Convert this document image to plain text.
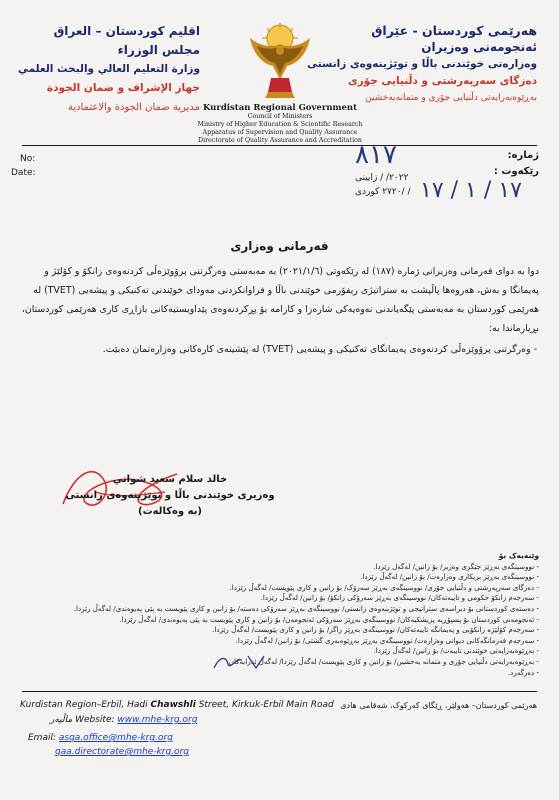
هەرێمی کوردستان - عێراق
ئەنجومەنی وەزیران
وەزارەتی خوێندنی باڵا و توێژینەوەی زانستی
دەزگای سەرپەرشتی و دڵنیایی جۆری
بەڕێوەبەرایەتی دڵنیایی جۆری و متمانەبەخشین
اقليم كوردستان – العراق
مجلس الوزراء
وزارة التعليم العالي والبحث العلمي
جهاز الإشراف و ضمان الجودة
مديرية ضمان الجودة والاعتمادية Kurdistan Regional Government
Council of Ministers
Ministry of Higher Education & Scientific Research
Apparatus of Supervision and Quality Assurance
Directorate of Quality Assurance and Accreditation
No:
Date:
ژمارە:
رێکەوت :
٢٠٢٢/ / زایینی
/ /٢٧٢٠ كوردی
٨١٧
١٧ / ١ / ١٧
فەرمانی وەزاری
دوا بە دوای فەرمانی وەزیرانی ژمارە (١٨٧) لە رێکەوتی (٢٠٢١/١/٦) بە مەبەستی وەرگرتنی پرۆوێزەڵی کردنەوەی زانکۆ و کۆلێژ و پەیمانگا و بەش، هەروەها پاڵپشت بە ستراتیژی ریفۆرمی خوێندنی باڵا و فراوانکردنی مەودای خوێندنی تەکنیکی و پیشەیی (TVET) لە هەرێمی کوردستان بە مەبەستی پێگەیاندنی نەوەیەکی شارەزا و کارامە بۆ پڕکردنەوەی پێداویستیەکانی بازاڕی کاری هەرێمی کوردستان، بڕیارماندا بە:
- وەرگرتنی پرۆوێزەڵی کردنەوەی پەیمانگای تەکنیکی و پیشەیی (TVET) لە پێشینەی کارەکانی وەزارەتمان دەبێت.
خالد سلام سعيد شواني
وەزیری خوێندنی باڵا و توێژینەوەی زانستی
(بە وەکالەت)
وێنەیەک بۆ
- نووسینگەی بەڕێز جێگری وەزیر/ بۆ زانین/ لەگەل رێزدا.
- نووسینگەی بەڕێز بریکاری وەزارەت/ بۆ زانین/ لەگەڵ رێزدا.
- دەزگای سەرپەرشتی و دڵنیایی جۆری/ نووسینگەی بەڕێز سەرۆک/ بۆ زانین و کاری پێویست/ لەگەڵ رێزدا.
- سەرجەم زانکۆ حکومی و تایبەتەکان/ نووسینگەی بەڕێز سەرۆکی زانکۆ/ بۆ زانین/ لەگەڵ رێزدا.
- دەستەی کوردستانی بۆ دیراسەی ستراتیجی و توێژینەوەی زانستی/ نووسینگەی بەڕێز سەرۆکی دەستە/ بۆ زانین و کاری پێویست بە پێی پەیوەندی/ لەگەڵ رێزدا.
- ئەنجومەنی کوردستان بۆ پسپۆڕیە پزیشکیەکان/ نووسینگەی بەڕێز سەرۆکی ئەنجومەن/ بۆ زانین و کاری پێویست بە پێی پەیوەندی/ لەگەڵ رێزدا.
- سەرجەم کۆلێژە زانکۆیی و پەیمانگە تایبەتەکان/ نووسینگەی بەڕێز راگر/ بۆ زانین و کاری پێویست/ لەگەڵ رێزدا.
- سەرجەم فەرمانگەکانی دیوانی وەزارەت/ نووسینگەی بەڕێز بەڕێوەبەری گشتی/ بۆ زانین/ لەگەڵ رێزدا.
- بەڕێوەبەرایەتی خوێندنی تایبەت/ بۆ زانین/ لەگەڵ رێزدا.
- بەڕێوەبەرایەتی دڵنیایی جۆری و متمانە بەخشین/ بۆ زانین و کاری پێویست/ لەگەڵ رێزدا/ لەگەڵ ئەرابەکان.
- دەرگەرد.
Kurdistan Region–Erbil, Hadi Chawshli Street, Kirkuk-Erbil Main Road هەرێمی کوردستان– هەولێر، ڕێگای کەرکوک، شەقامی هادی
ماڵپەر Website: www.mhe-krg.org
Email: asqa.office@mhe-krg.org
qaa.directorate@mhe-krg.org
